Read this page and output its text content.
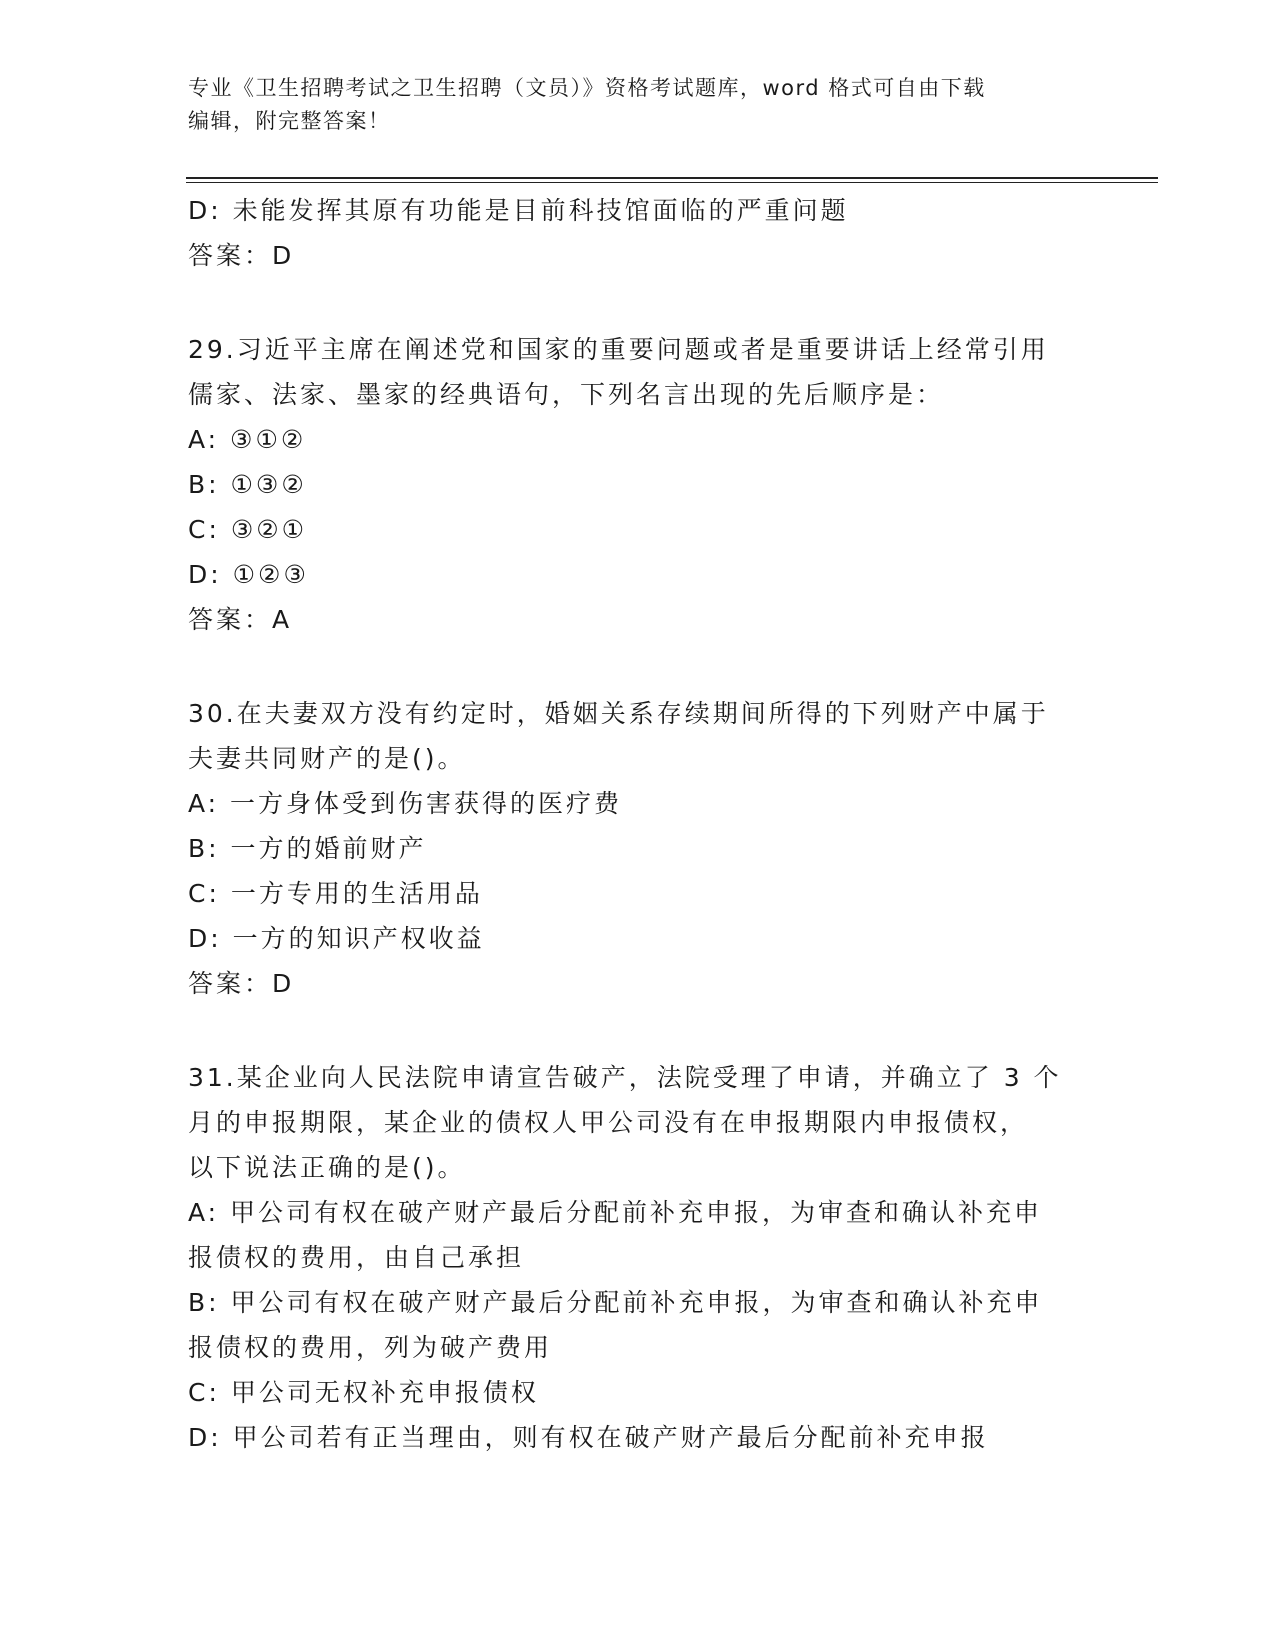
专业《卫生招聘考试之卫生招聘（文员）》资格考试题库，word 格式可自由下载
编辑，附完整答案！
D: 未能发挥其原有功能是目前科技馆面临的严重问题
答案：D
29.习近平主席在阐述党和国家的重要问题或者是重要讲话上经常引用
儒家、法家、墨家的经典语句，下列名言出现的先后顺序是：
A: ③①②
B: ①③②
C: ③②①
D: ①②③
答案：A
30.在夫妻双方没有约定时，婚姻关系存续期间所得的下列财产中属于
夫妻共同财产的是()。
A: 一方身体受到伤害获得的医疗费
B: 一方的婚前财产
C: 一方专用的生活用品
D: 一方的知识产权收益
答案：D
31.某企业向人民法院申请宣告破产，法院受理了申请，并确立了 3 个
月的申报期限，某企业的债权人甲公司没有在申报期限内申报债权，
以下说法正确的是()。
A: 甲公司有权在破产财产最后分配前补充申报，为审查和确认补充申
报债权的费用，由自己承担
B: 甲公司有权在破产财产最后分配前补充申报，为审查和确认补充申
报债权的费用，列为破产费用
C: 甲公司无权补充申报债权
D: 甲公司若有正当理由，则有权在破产财产最后分配前补充申报
